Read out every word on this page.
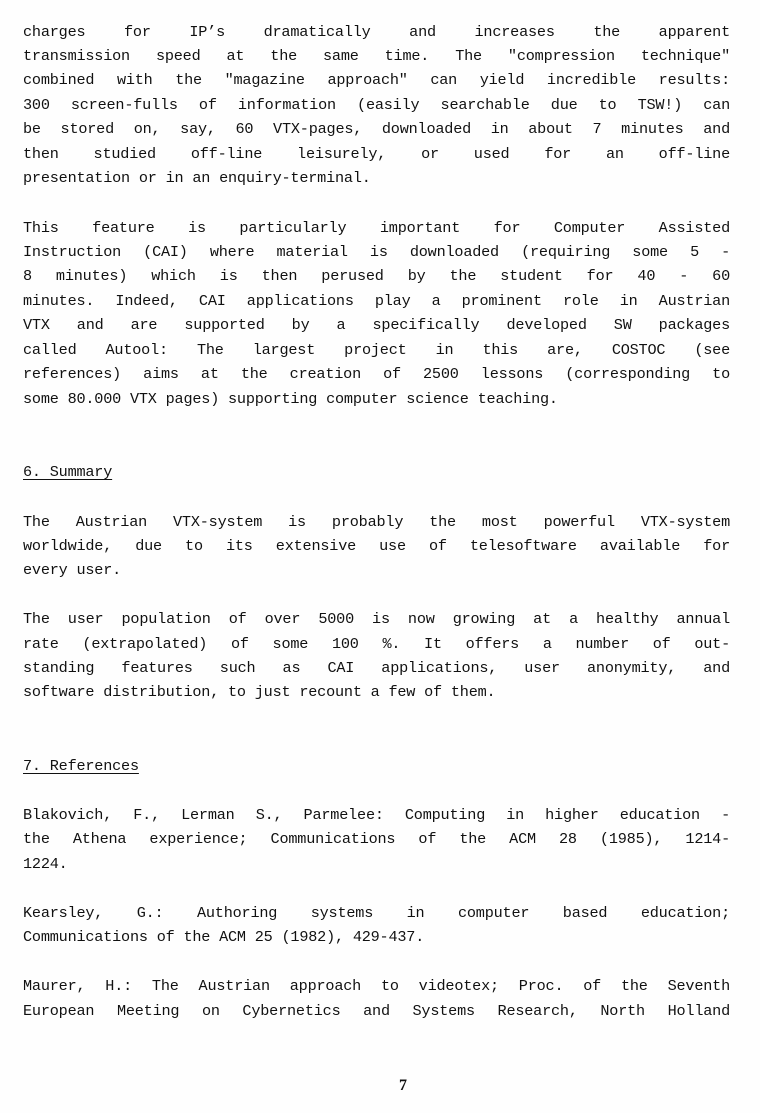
charges for IP’s dramatically and increases the apparent
transmission speed at the same time. The "compression technique"
combined with the "magazine approach" can yield incredible results:
300 screen-fulls of information (easily searchable due to TSW!) can
be stored on, say, 60 VTX-pages, downloaded in about 7 minutes and
then studied off-line leisurely, or used for an off-line
presentation or in an enquiry-terminal.
This feature is particularly important for Computer Assisted
Instruction (CAI) where material is downloaded (requiring some 5 -
8 minutes) which is then perused by the student for 40 - 60
minutes. Indeed, CAI applications play a prominent role in Austrian
VTX and are supported by a specifically developed SW packages
called Autool: The largest project in this are, COSTOC (see
references) aims at the creation of 2500 lessons (corresponding to
some 80.000 VTX pages) supporting computer science teaching.
6. Summary
The Austrian VTX-system is probably the most powerful VTX-system
worldwide, due to its extensive use of telesoftware available for
every user.
The user population of over 5000 is now growing at a healthy annual
rate (extrapolated) of some 100 %. It offers a number of out-
standing features such as CAI applications, user anonymity, and
software distribution, to just recount a few of them.
7. References
Blakovich, F., Lerman S., Parmelee: Computing in higher education -
the Athena experience; Communications of the ACM 28 (1985), 1214-
1224.
Kearsley, G.: Authoring systems in computer based education;
Communications of the ACM 25 (1982), 429-437.
Maurer, H.: The Austrian approach to videotex; Proc. of the Seventh
European Meeting on Cybernetics and Systems Research, North Holland
7
